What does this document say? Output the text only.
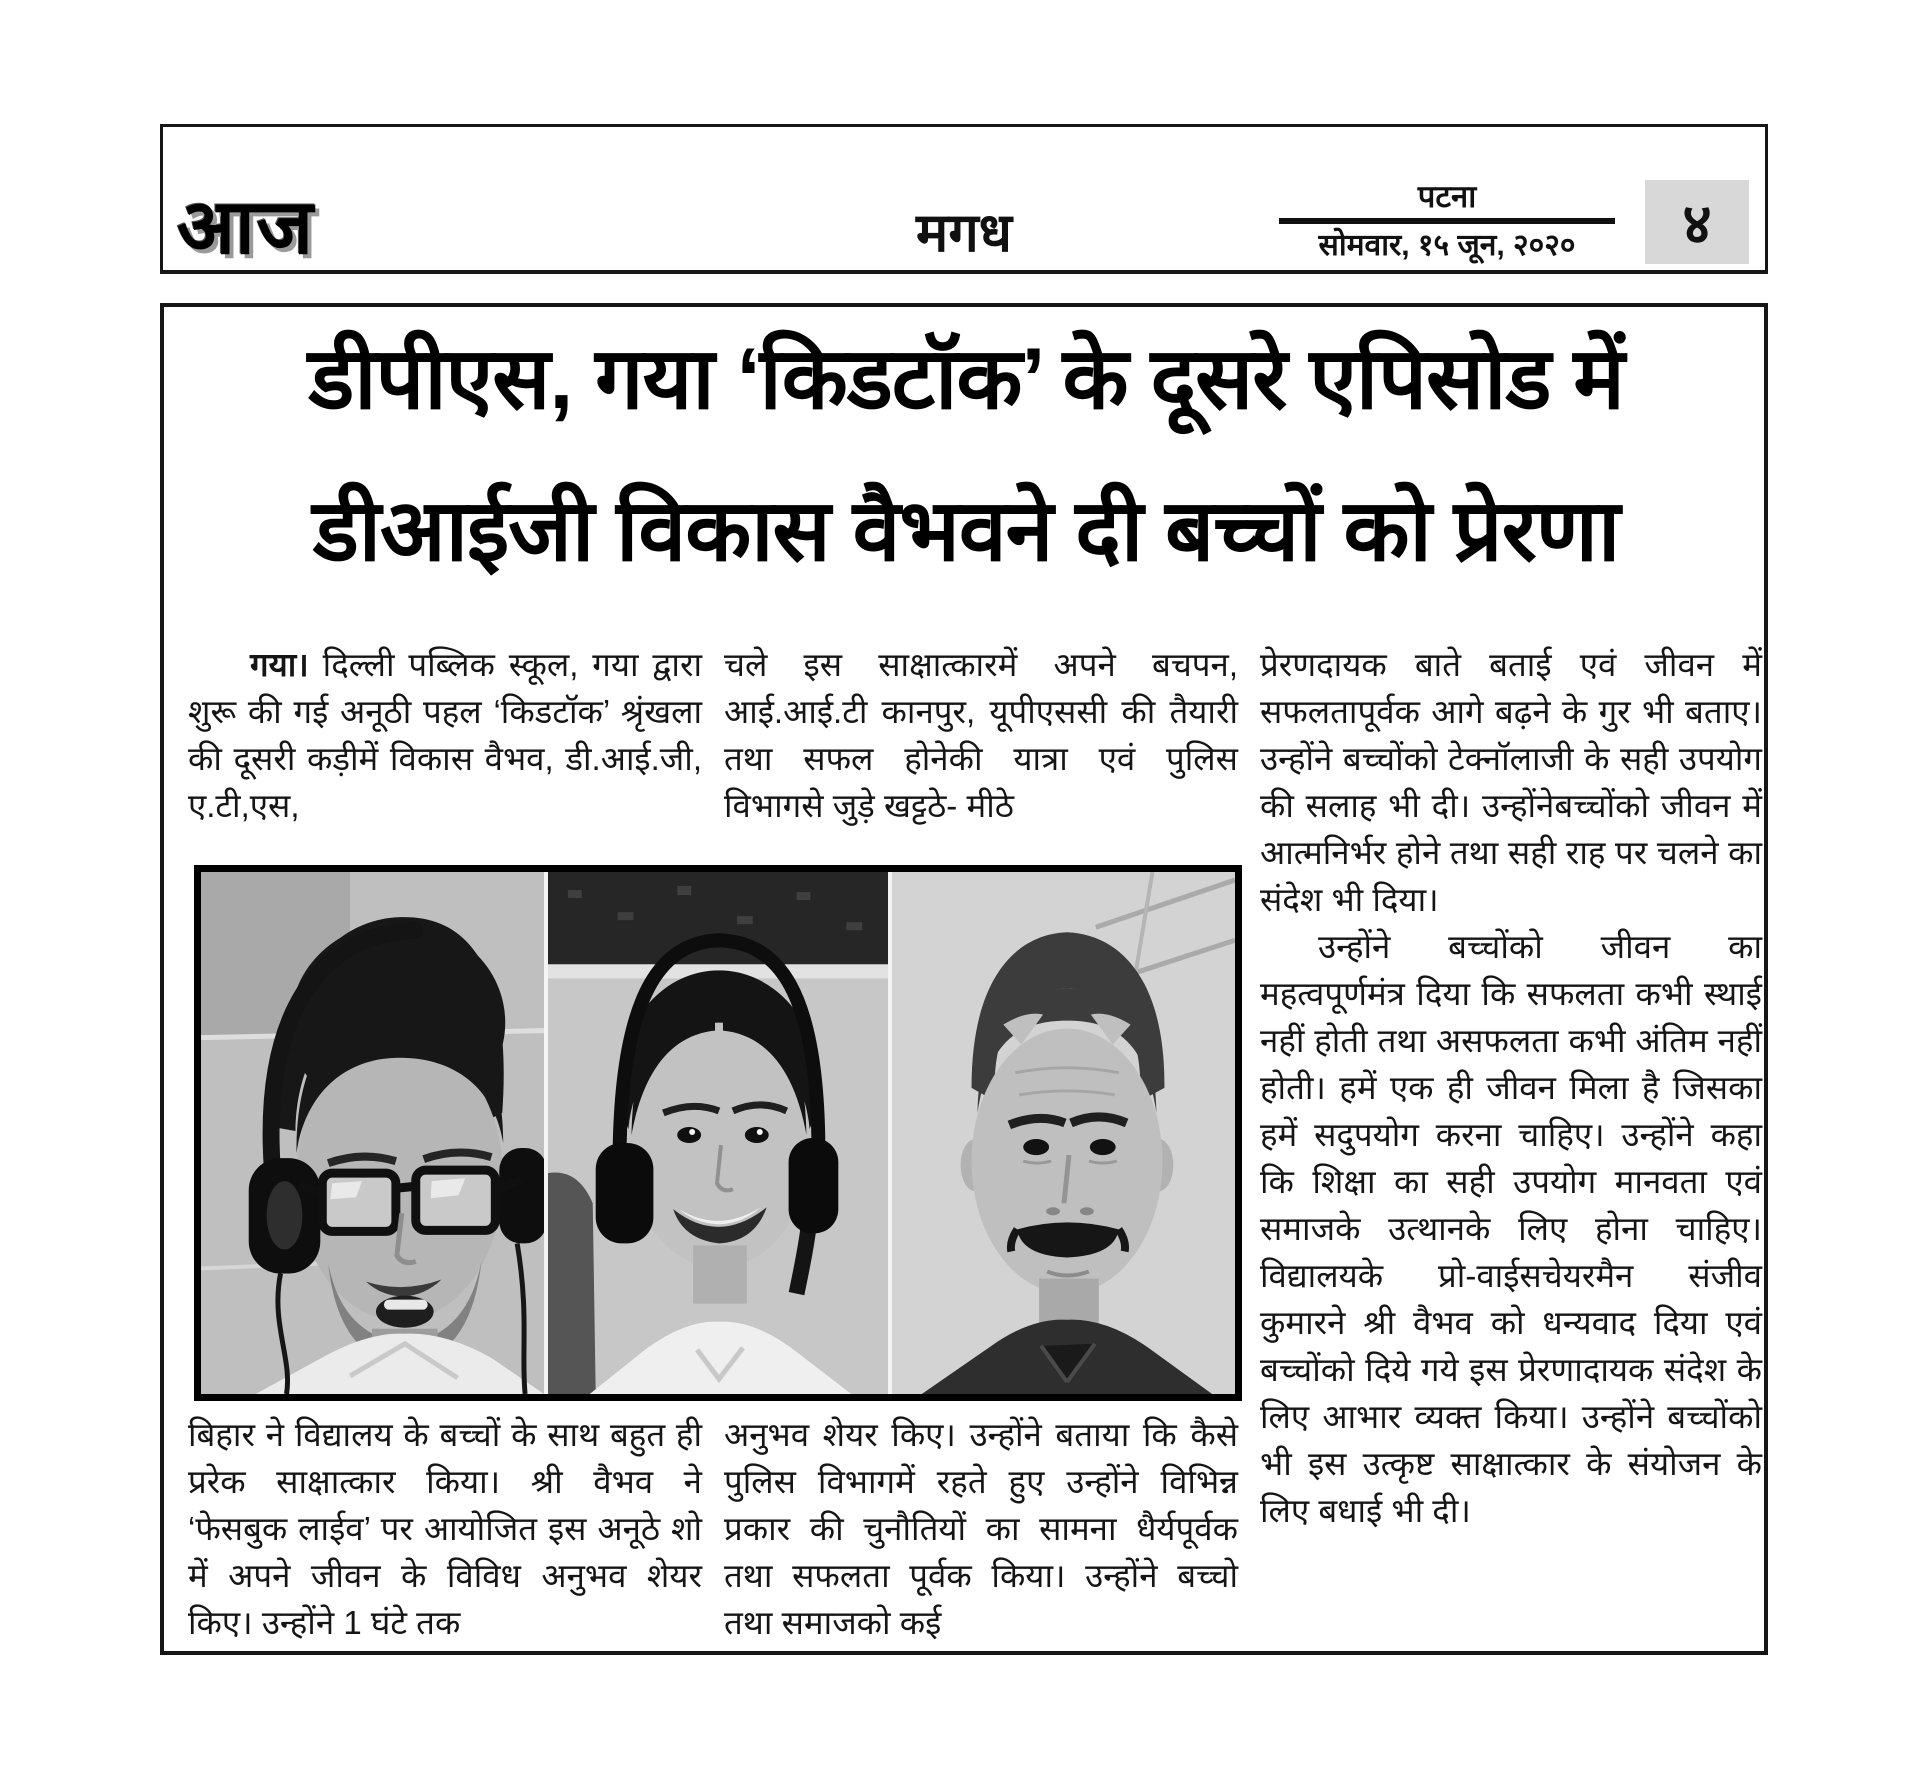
आज	मगध
पटना
सोमवार, १५ जून, २०२०	४
डीपीएस, गया ‘किडटॉक’ के दूसरे एपिसोड में
डीआईजी विकास वैभवने दी बच्चों को प्रेरणा

गया। दिल्ली पब्लिक स्कूल, गया द्वारा शुरू की गई अनूठी पहल ‘किडटॉक’ श्रृंखला की दूसरी कड़ीमें विकास वैभव, डी.आई.जी, ए.टी,एस,

चले इस साक्षात्कारमें अपने बचपन, आई.आई.टी कानपुर, यूपीएससी की तैयारी तथा सफल होनेकी यात्रा एवं पुलिस विभागसे जुड़े खट्टठे- मीठे

प्रेरणदायक बाते बताई एवं जीवन में सफलतापूर्वक आगे बढ़ने के गुर भी बताए। उन्होंने बच्चोंको टेक्नॉलाजी के सही उपयोग की सलाह भी दी। उन्होंनेबच्चोंको जीवन में आत्मनिर्भर होने तथा सही राह पर चलने का संदेश भी दिया।

उन्होंने बच्चोंको जीवन का महत्वपूर्णमंत्र दिया कि सफलता कभी स्थाई नहीं होती तथा असफलता कभी अंतिम नहीं होती। हमें एक ही जीवन मिला है जिसका हमें सदुपयोग करना चाहिए। उन्होंने कहा कि शिक्षा का सही उपयोग मानवता एवं समाजके उत्थानके लिए होना चाहिए। विद्यालयके प्रो-वाईसचेयरमैन संजीव कुमारने श्री वैभव को धन्यवाद दिया एवं बच्चोंको दिये गये इस प्रेरणादायक संदेश के लिए आभार व्यक्त किया। उन्होंने बच्चोंको भी इस उत्कृष्ट साक्षात्कार के संयोजन के लिए बधाई भी दी।

बिहार ने विद्यालय के बच्चों के साथ बहुत ही प्ररेक साक्षात्कार किया। श्री वैभव ने ‘फेसबुक लाईव’ पर आयोजित इस अनूठे शो में अपने जीवन के विविध अनुभव शेयर किए। उन्होंने 1 घंटे तक

अनुभव शेयर किए। उन्होंने बताया कि कैसे पुलिस विभागमें रहते हुए उन्होंने विभिन्न प्रकार की चुनौतियों का सामना धैर्यपूर्वक तथा सफलता पूर्वक किया। उन्होंने बच्चो तथा समाजको कई
